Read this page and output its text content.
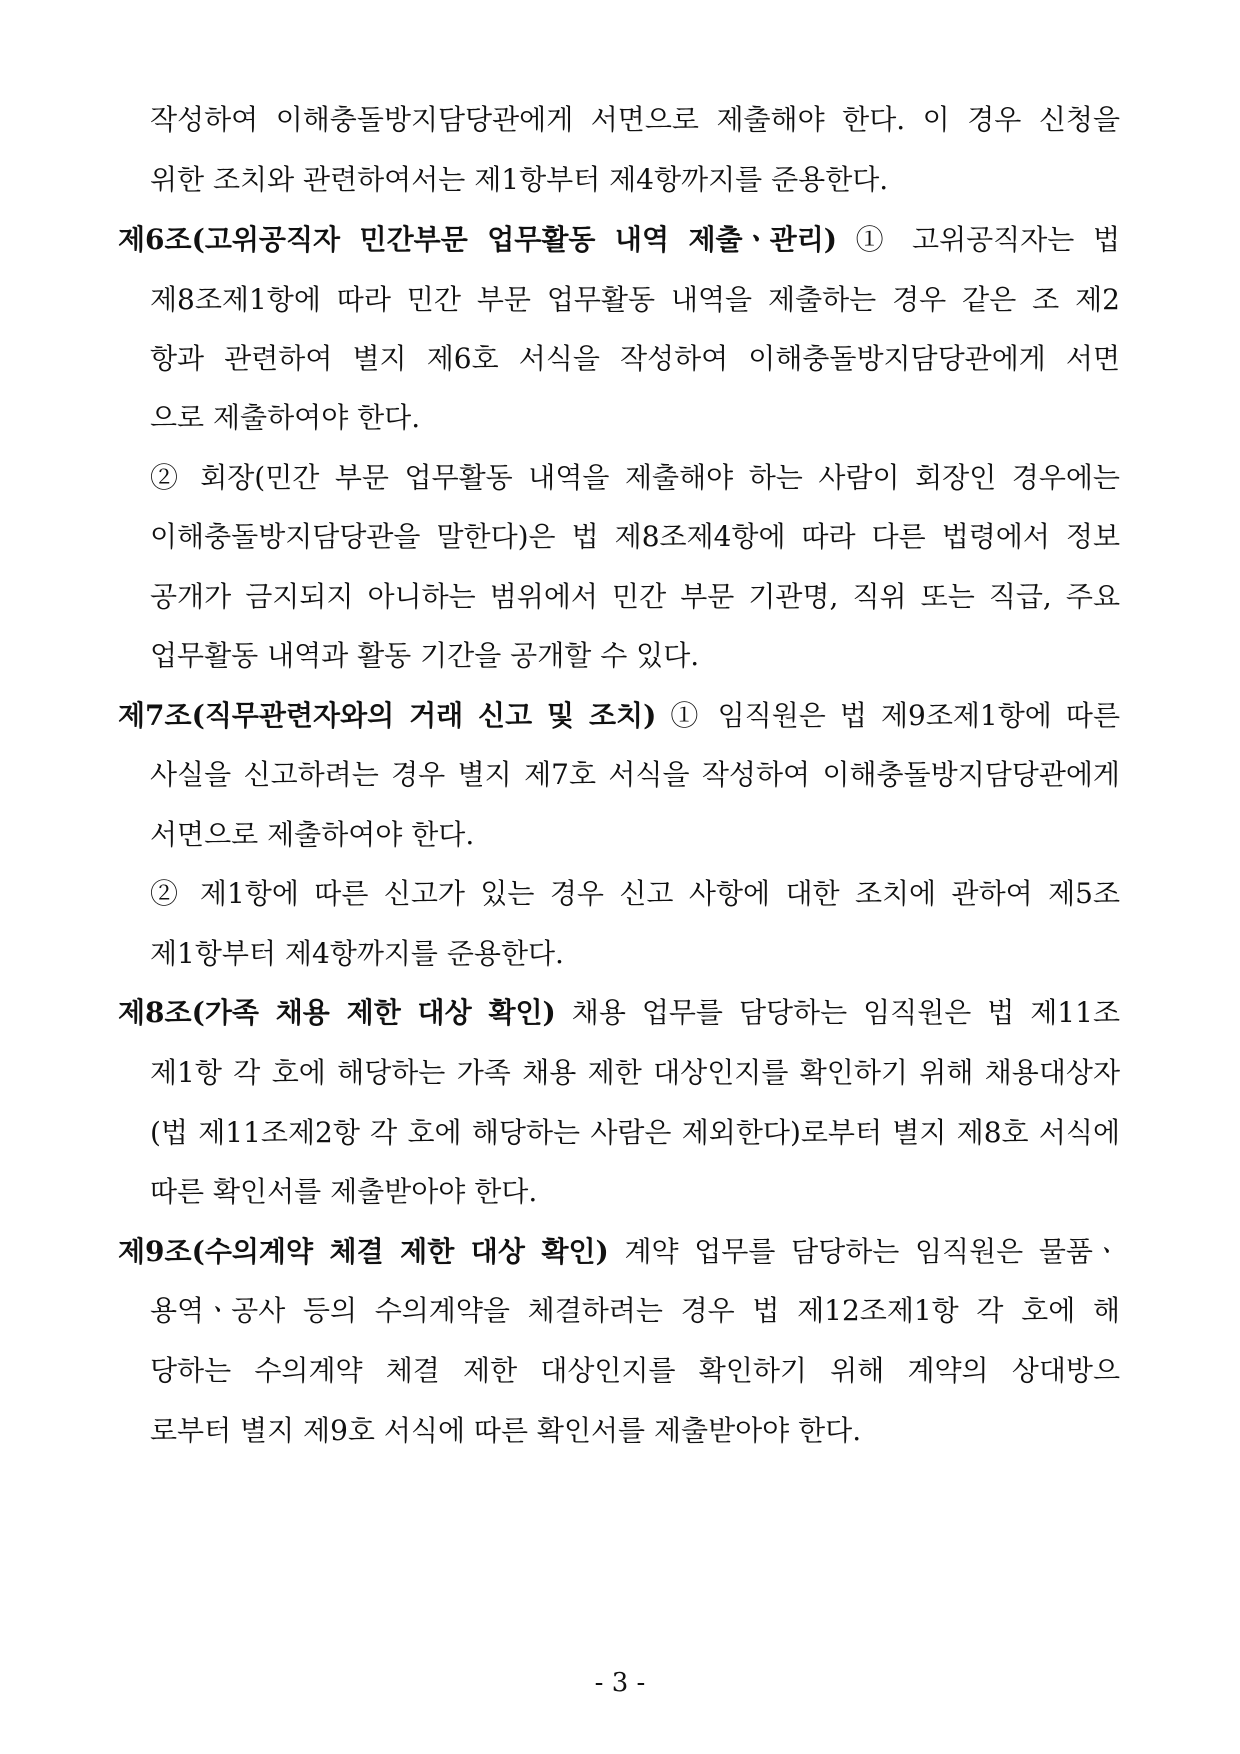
작성하여 이해충돌방지담당관에게 서면으로 제출해야 한다. 이 경우 신청을
위한 조치와 관련하여서는 제1항부터 제4항까지를 준용한다.
제6조(고위공직자 민간부문 업무활동 내역 제출ㆍ관리) ① 고위공직자는 법
제8조제1항에 따라 민간 부문 업무활동 내역을 제출하는 경우 같은 조 제2
항과 관련하여 별지 제6호 서식을 작성하여 이해충돌방지담당관에게 서면
으로 제출하여야 한다.
② 회장(민간 부문 업무활동 내역을 제출해야 하는 사람이 회장인 경우에는
이해충돌방지담당관을 말한다)은 법 제8조제4항에 따라 다른 법령에서 정보
공개가 금지되지 아니하는 범위에서 민간 부문 기관명, 직위 또는 직급, 주요
업무활동 내역과 활동 기간을 공개할 수 있다.
제7조(직무관련자와의 거래 신고 및 조치) ① 임직원은 법 제9조제1항에 따른
사실을 신고하려는 경우 별지 제7호 서식을 작성하여 이해충돌방지담당관에게
서면으로 제출하여야 한다.
② 제1항에 따른 신고가 있는 경우 신고 사항에 대한 조치에 관하여 제5조
제1항부터 제4항까지를 준용한다.
제8조(가족 채용 제한 대상 확인) 채용 업무를 담당하는 임직원은 법 제11조
제1항 각 호에 해당하는 가족 채용 제한 대상인지를 확인하기 위해 채용대상자
(법 제11조제2항 각 호에 해당하는 사람은 제외한다)로부터 별지 제8호 서식에
따른 확인서를 제출받아야 한다.
제9조(수의계약 체결 제한 대상 확인) 계약 업무를 담당하는 임직원은 물품ㆍ
용역ㆍ공사 등의 수의계약을 체결하려는 경우 법 제12조제1항 각 호에 해
당하는 수의계약 체결 제한 대상인지를 확인하기 위해 계약의 상대방으
로부터 별지 제9호 서식에 따른 확인서를 제출받아야 한다.
- 3 -
